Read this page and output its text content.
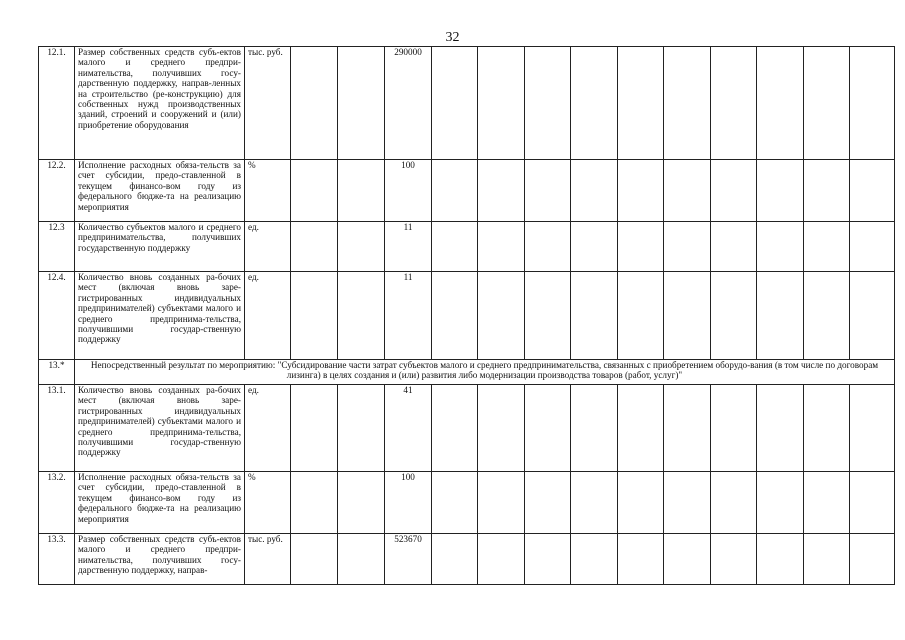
32
12.1.	Размер собственных средств субъ-ектов малого и среднего предпри-нимательства, получивших госу-дарственную поддержку, направ-ленных на строительство (ре-конструкцию) для собственных нужд производственных зданий, строений и сооружений и (или) приобретение оборудования	тыс. руб.			290000										
12.2.	Исполнение расходных обяза-тельств за счет субсидии, предо-ставленной в текущем финансо-вом году из федерального бюдже-та на реализацию мероприятия	%			100										
12.3	Количество субъектов малого и среднего предпринимательства, получивших государственную поддержку	ед.			11										
12.4.	Количество вновь созданных ра-бочих мест (включая вновь заре-гистрированных индивидуальных предпринимателей) субъектами малого и среднего предпринима-тельства, получившими государ-ственную поддержку	ед.			11										
13.*	Непосредственный результат по мероприятию: "Субсидирование части затрат субъектов малого и среднего предпринимательства, связанных с приобретением оборудо-вания (в том числе по договорам лизинга) в целях создания и (или) развития либо модернизации производства товаров (работ, услуг)"														
13.1.	Количество вновь созданных ра-бочих мест (включая вновь заре-гистрированных индивидуальных предпринимателей) субъектами малого и среднего предпринима-тельства, получившими государ-ственную поддержку	ед.			41										
13.2.	Исполнение расходных обяза-тельств за счет субсидии, предо-ставленной в текущем финансо-вом году из федерального бюдже-та на реализацию мероприятия	%			100										
13.3.	Размер собственных средств субъ-ектов малого и среднего предпри-нимательства, получивших госу-дарственную поддержку, направ-	тыс. руб.			523670										
